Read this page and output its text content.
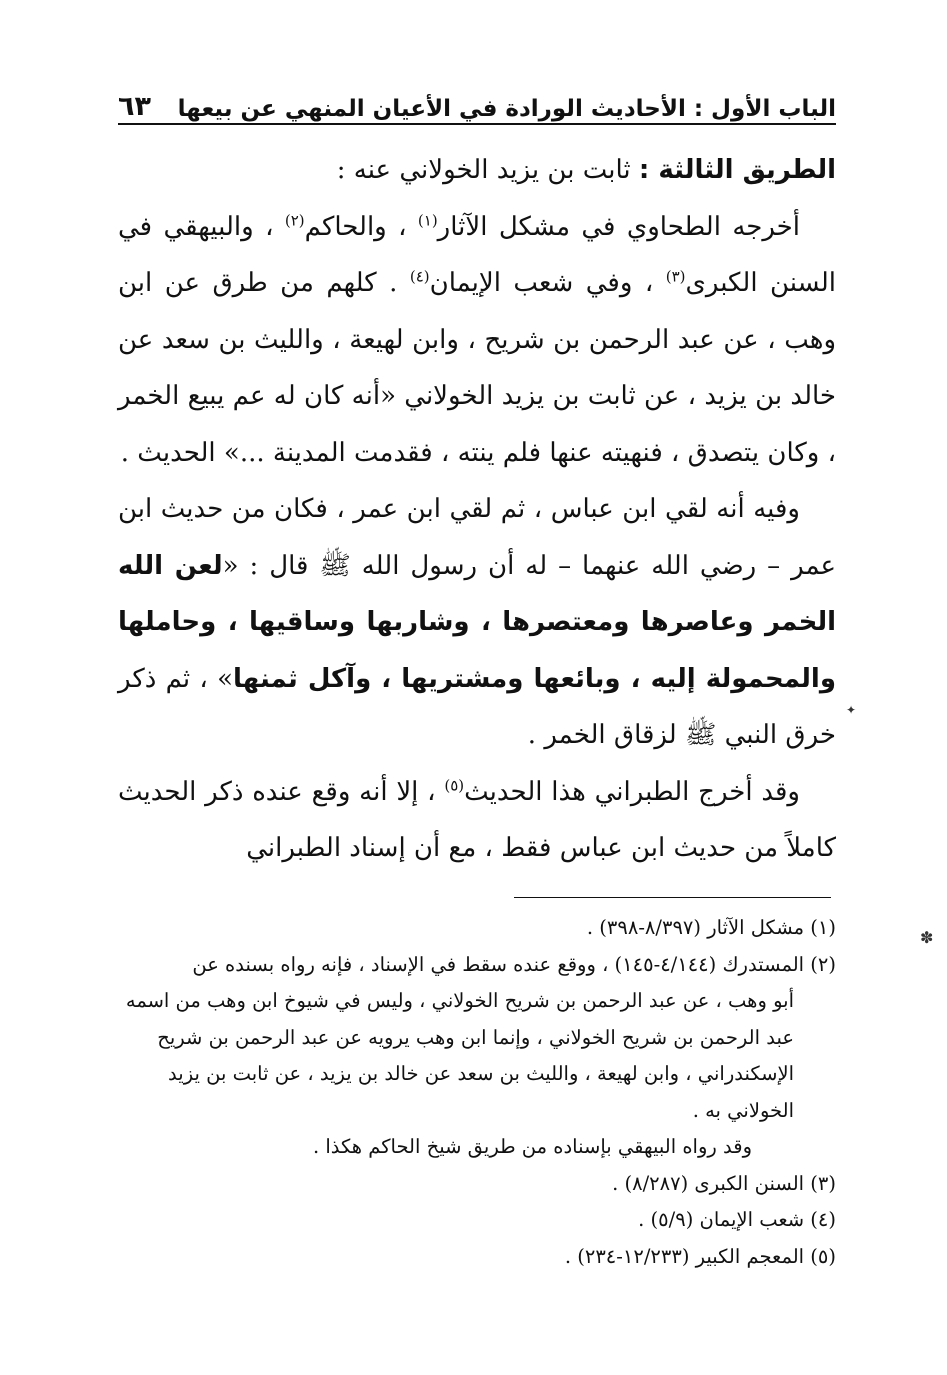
الباب الأول : الأحاديث الورادة في الأعيان المنهي عن بيعها
٦٣

الطريق الثالثة : ثابت بن يزيد الخولاني عنه :

أخرجه الطحاوي في مشكل الآثار$^{(١)}$ ، والحاكم$^{(٢)}$ ، والبيهقي في السنن الكبرى$^{(٣)}$ ، وفي شعب الإيمان$^{(٤)}$ . كلهم من طرق عن ابن وهب ، عن عبد الرحمن بن شريح ، وابن لهيعة ، والليث بن سعد عن خالد بن يزيد ، عن ثابت بن يزيد الخولاني «أنه كان له عم يبيع الخمر ، وكان يتصدق ، فنهيته عنها فلم ينته ، فقدمت المدينة ...» الحديث .

وفيه أنه لقي ابن عباس ، ثم لقي ابن عمر ، فكان من حديث ابن عمر – رضي الله عنهما – له أن رسول الله ﷺ قال : «لعن الله الخمر وعاصرها ومعتصرها ، وشاربها وساقيها ، وحاملها والمحمولة إليه ، وبائعها ومشتريها ، وآكل ثمنها» ، ثم ذكر خرق النبي ﷺ لزقاق الخمر .

وقد أخرج الطبراني هذا الحديث$^{(٥)}$ ، إلا أنه وقع عنده ذكر الحديث كاملاً من حديث ابن عباس فقط ، مع أن إسناد الطبراني

(١) مشكل الآثار (٨/٣٩٧-٣٩٨) .

(٢) المستدرك (٤/١٤٤-١٤٥) ، ووقع عنده سقط في الإسناد ، فإنه رواه بسنده عن

أبو وهب ، عن عبد الرحمن بن شريح الخولاني ، وليس في شيوخ ابن وهب من اسمه عبد الرحمن بن شريح الخولاني ، وإنما ابن وهب يرويه عن عبد الرحمن بن شريح الإسكندراني ، وابن لهيعة ، والليث بن سعد عن خالد بن يزيد ، عن ثابت بن يزيد الخولاني به .

وقد رواه البيهقي بإسناده من طريق شيخ الحاكم هكذا .

(٣) السنن الكبرى (٨/٢٨٧) .

(٤) شعب الإيمان (٥/٩) .

(٥) المعجم الكبير (١٢/٢٣٣-٢٣٤) .

✦
✽
